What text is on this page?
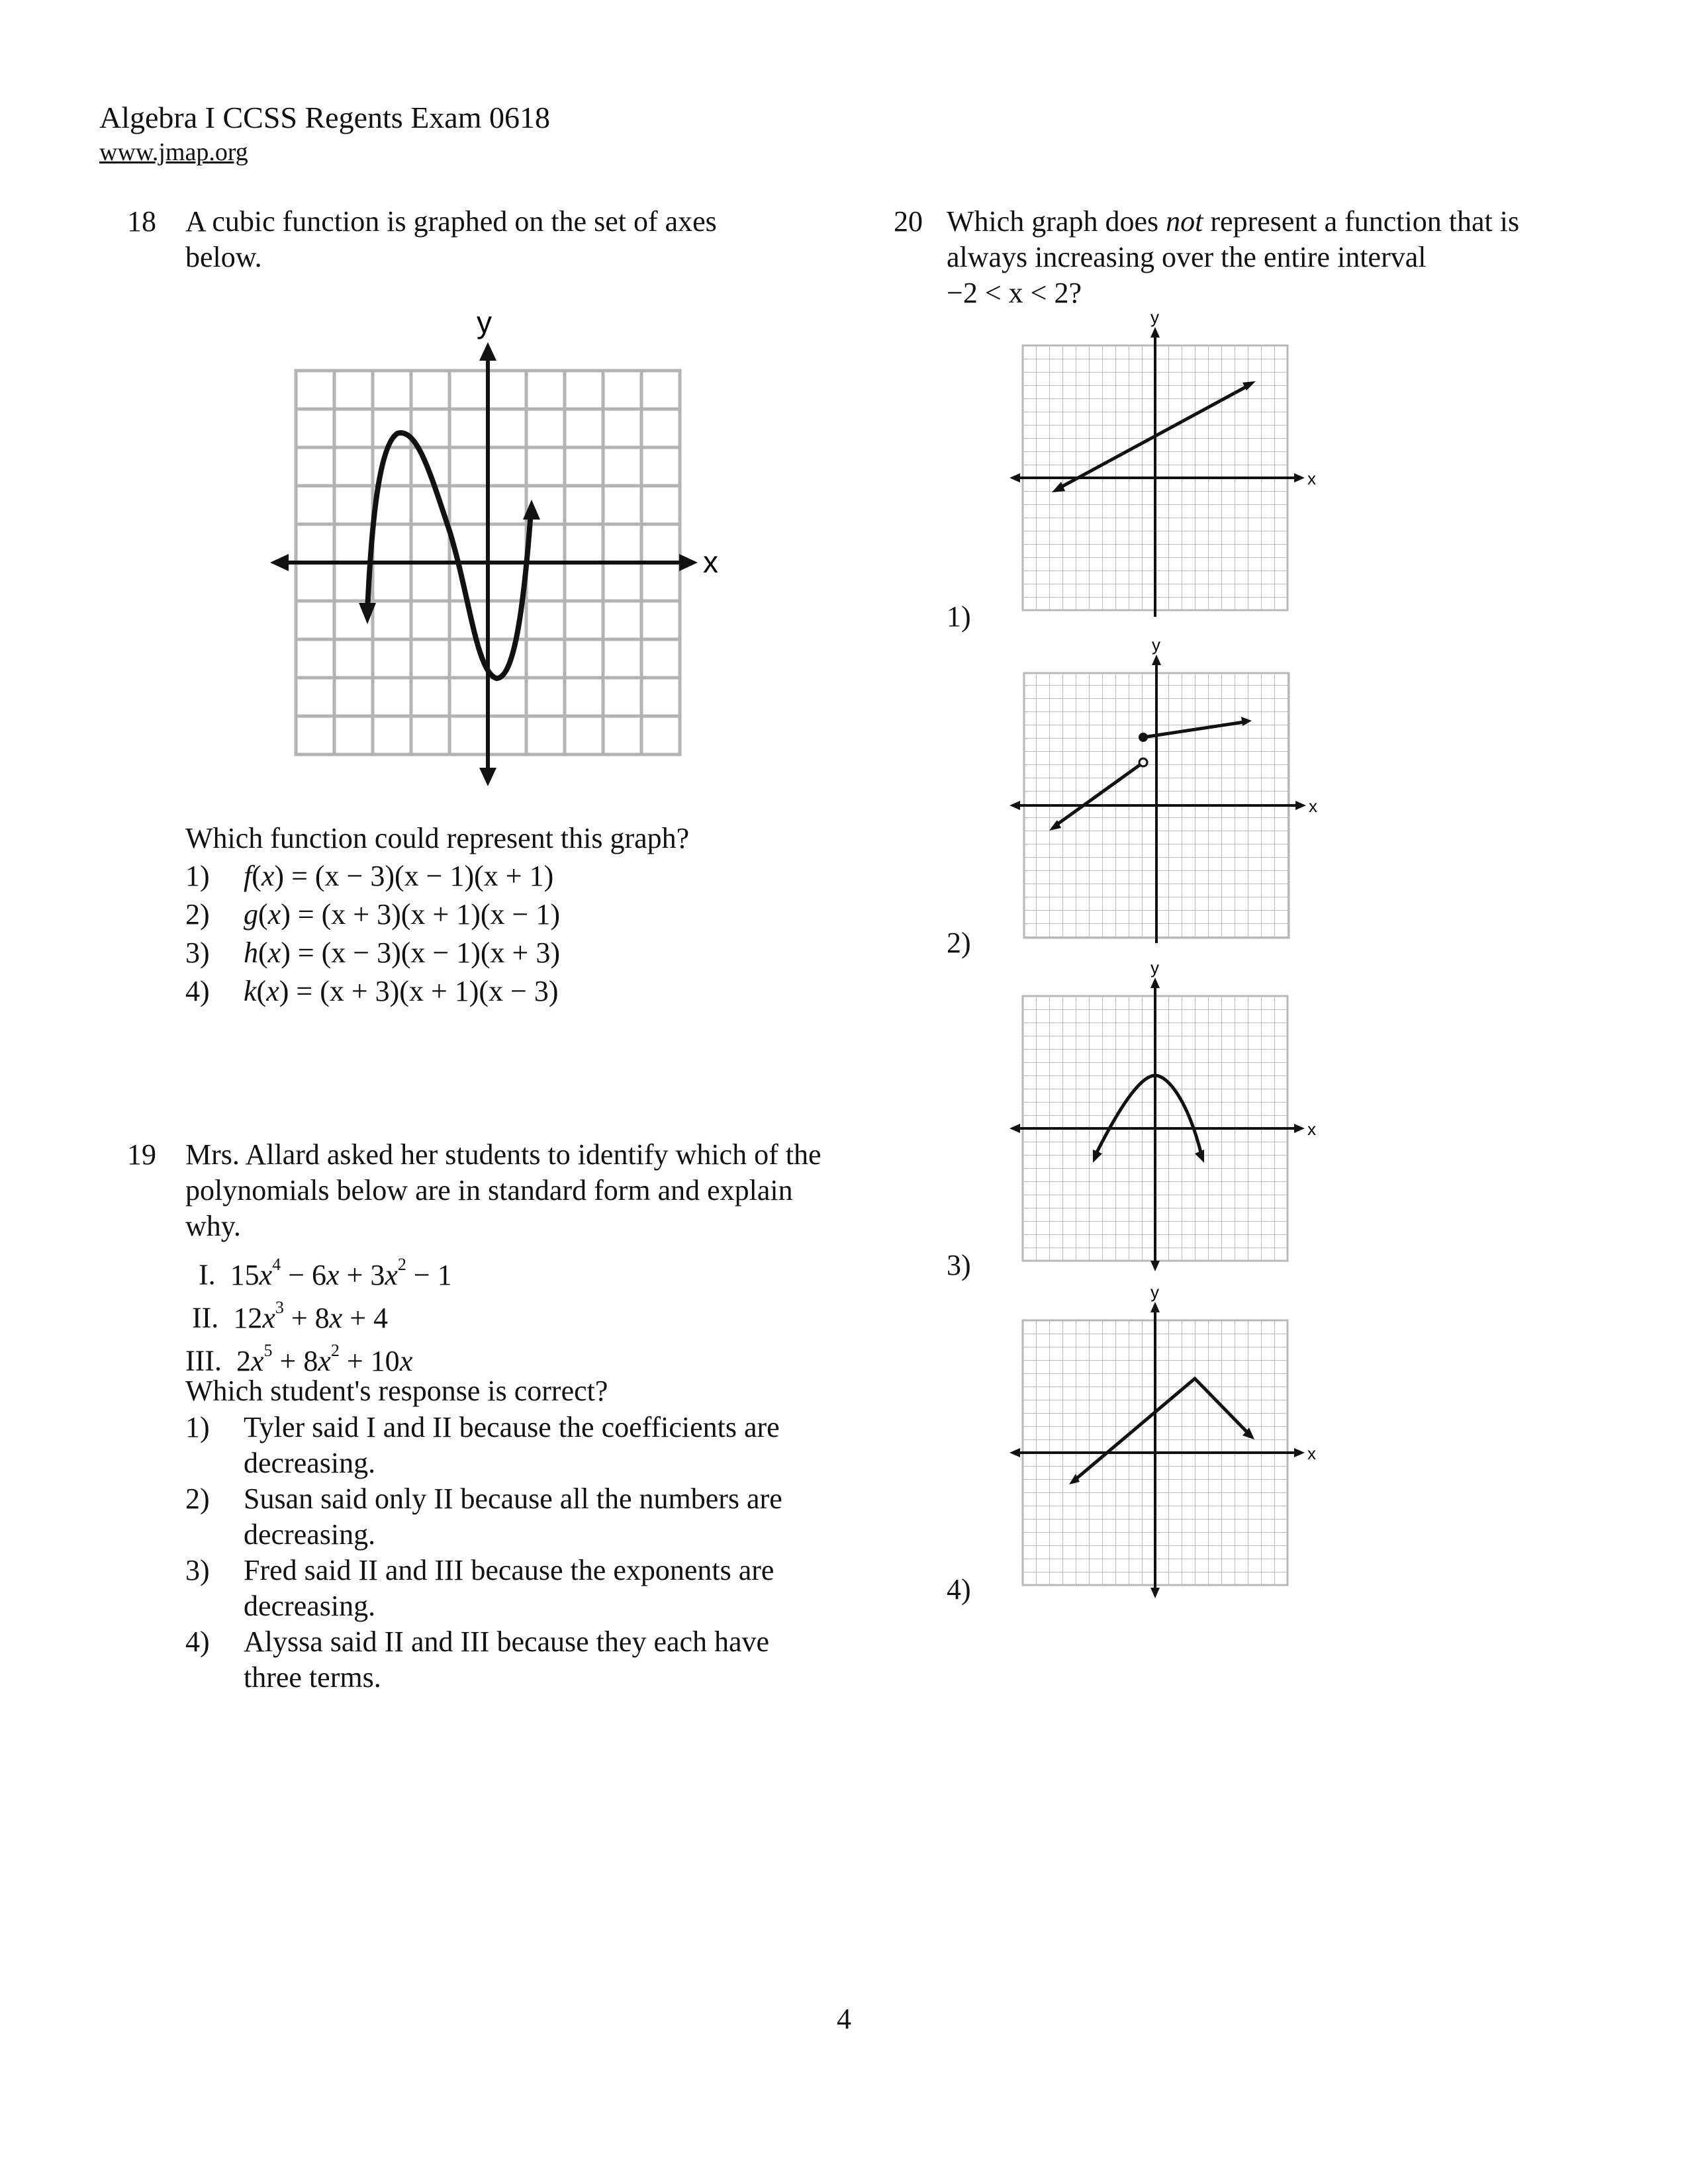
Algebra I CCSS Regents Exam 0618
www.jmap.org
18 A cubic function is graphed on the set of axes below.
x
y
Which function could represent this graph?
1) f(x) = (x − 3)(x − 1)(x + 1)
2) g(x) = (x + 3)(x + 1)(x − 1)
3) h(x) = (x − 3)(x − 1)(x + 3)
4) k(x) = (x + 3)(x + 1)(x − 3)
19 Mrs. Allard asked her students to identify which of the polynomials below are in standard form and explain why.
I.  $15x^4 - 6x + 3x^2 - 1$
II.  $12x^3 + 8x + 4$
III.  $2x^5 + 8x^2 + 10x$
Which student's response is correct?
1) Tyler said I and II because the coefficients are decreasing.
2) Susan said only II because all the numbers are decreasing.
3) Fred said II and III because the exponents are decreasing.
4) Alyssa said II and III because they each have three terms.
20 Which graph does not represent a function that is always increasing over the entire interval
−2 < x < 2?
1)
2)
3)
4)
x
y
x
y
x
y
x
y
4
